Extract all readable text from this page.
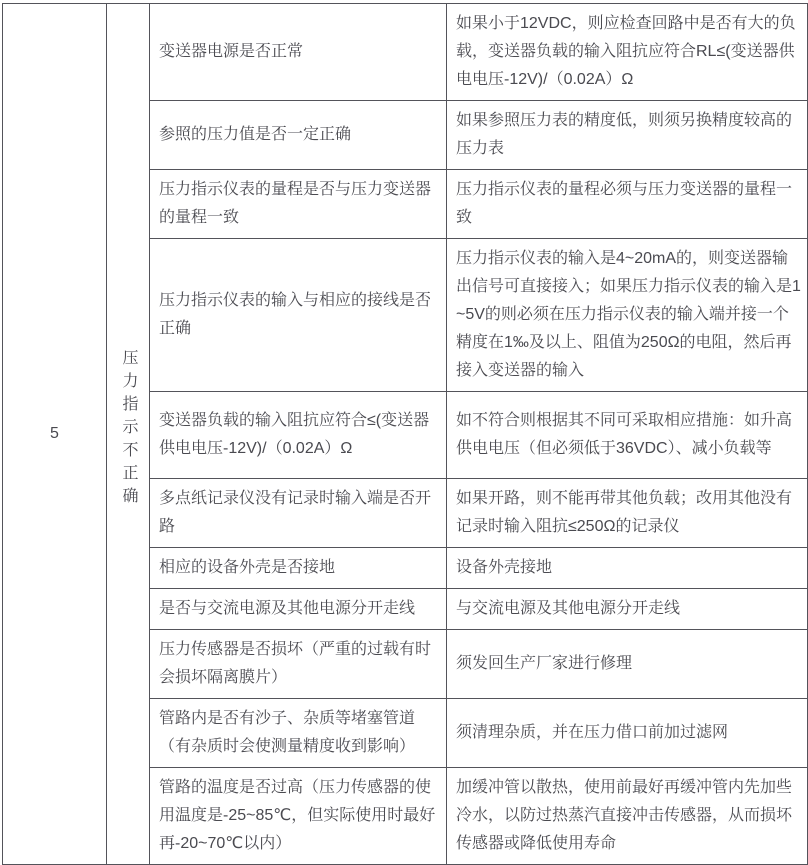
5	压力指示不正确	变送器电源是否正常	如果小于12VDC，则应检查回路中是否有大的负载，变送器负载的输入阻抗应符合RL≤(变送器供电电压-12V)/（0.02A）Ω
		参照的压力值是否一定正确	如果参照压力表的精度低，则须另换精度较高的压力表
		压力指示仪表的量程是否与压力变送器的量程一致	压力指示仪表的量程必须与压力变送器的量程一致
		压力指示仪表的输入与相应的接线是否正确	压力指示仪表的输入是4~20mA的，则变送器输出信号可直接接入；如果压力指示仪表的输入是1~5V的则必须在压力指示仪表的输入端并接一个精度在1‰及以上、阻值为250Ω的电阻，然后再接入变送器的输入
		变送器负载的输入阻抗应符合≤(变送器供电电压-12V)/（0.02A）Ω	如不符合则根据其不同可采取相应措施：如升高供电电压（但必须低于36VDC）、减小负载等
		多点纸记录仪没有记录时输入端是否开路	如果开路，则不能再带其他负载；改用其他没有记录时输入阻抗≤250Ω的记录仪
		相应的设备外壳是否接地	设备外壳接地
		是否与交流电源及其他电源分开走线	与交流电源及其他电源分开走线
		压力传感器是否损坏（严重的过载有时会损坏隔离膜片）	须发回生产厂家进行修理
		管路内是否有沙子、杂质等堵塞管道（有杂质时会使测量精度收到影响）	须清理杂质，并在压力借口前加过滤网
		管路的温度是否过高（压力传感器的使用温度是-25~85℃，但实际使用时最好再-20~70℃以内）	加缓冲管以散热，使用前最好再缓冲管内先加些冷水，以防过热蒸汽直接冲击传感器，从而损坏传感器或降低使用寿命
